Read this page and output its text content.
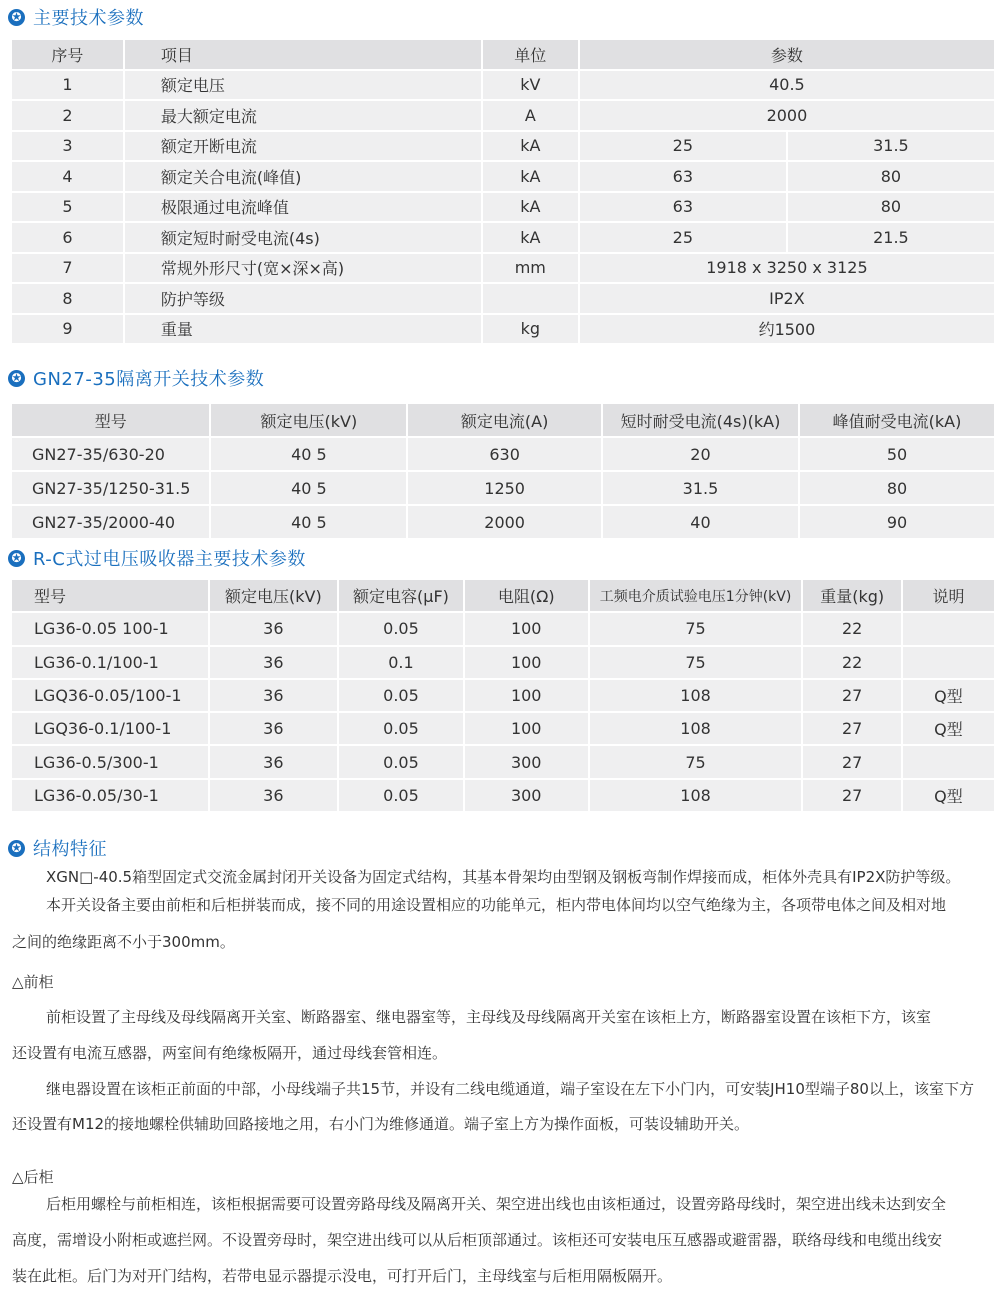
✪ 主要技术参数
序号	项目	单位	参数	
1	额定电压	kV	40.5	
2	最大额定电流	A	2000	
3	额定开断电流	kA	25	31.5
4	额定关合电流(峰值)	kA	63	80
5	极限通过电流峰值	kA	63	80
6	额定短时耐受电流(4s)	kA	25	21.5
7	常规外形尺寸(宽×深×高)	mm	1918 x 3250 x 3125	
8	防护等级		IP2X	
9	重量	kg	约1500	
✪ GN27-35隔离开关技术参数
型号	额定电压(kV)	额定电流(A)	短时耐受电流(4s)(kA)	峰值耐受电流(kA)
GN27-35/630-20	40 5	630	20	50
GN27-35/1250-31.5	40 5	1250	31.5	80
GN27-35/2000-40	40 5	2000	40	90
✪ R-C式过电压吸收器主要技术参数
型号	额定电压(kV)	额定电容(μF)	电阻(Ω)	工频电介质试验电压1分钟(kV)	重量(kg)	说明
LG36-0.05 100-1	36	0.05	100	75	22	
LG36-0.1/100-1	36	0.1	100	75	22	
LGQ36-0.05/100-1	36	0.05	100	108	27	Q型
LGQ36-0.1/100-1	36	0.05	100	108	27	Q型
LG36-0.5/300-1	36	0.05	300	75	27	
LG36-0.05/30-1	36	0.05	300	108	27	Q型
✪ 结构特征
XGN□-40.5箱型固定式交流金属封闭开关设备为固定式结构，其基本骨架均由型钢及钢板弯制作焊接而成，柜体外壳具有IP2X防护等级。
本开关设备主要由前柜和后柜拼装而成，接不同的用途设置相应的功能单元，柜内带电体间均以空气绝缘为主，各项带电体之间及相对地
之间的绝缘距离不小于300mm。
△前柜
前柜设置了主母线及母线隔离开关室、断路器室、继电器室等，主母线及母线隔离开关室在该柜上方，断路器室设置在该柜下方，该室
还设置有电流互感器，两室间有绝缘板隔开，通过母线套管相连。
继电器设置在该柜正前面的中部，小母线端子共15节，并设有二线电缆通道，端子室设在左下小门内，可安装JH10型端子80以上，该室下方
还设置有M12的接地螺栓供辅助回路接地之用，右小门为维修通道。端子室上方为操作面板，可装设辅助开关。
△后柜
后柜用螺栓与前柜相连，该柜根据需要可设置旁路母线及隔离开关、架空进出线也由该柜通过，设置旁路母线时，架空进出线未达到安全
高度，需增设小附柜或遮拦网。不设置旁母时，架空进出线可以从后柜顶部通过。该柜还可安装电压互感器或避雷器，联络母线和电缆出线安
装在此柜。后门为对开门结构，若带电显示器提示没电，可打开后门，主母线室与后柜用隔板隔开。
